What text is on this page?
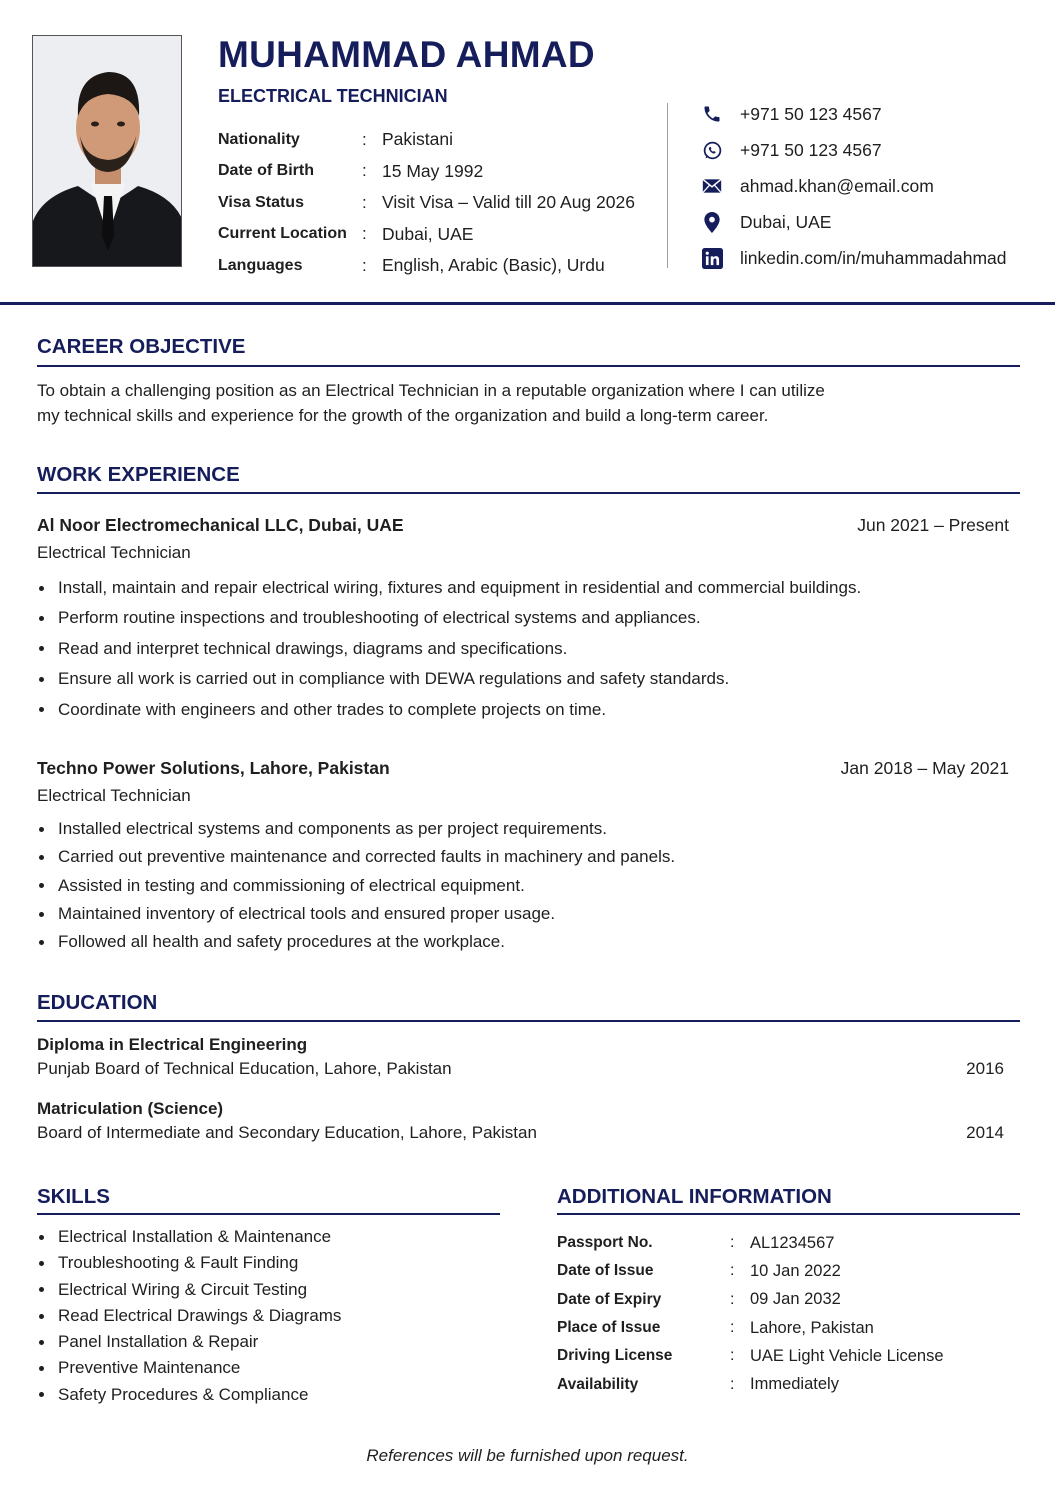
MUHAMMAD AHMAD
ELECTRICAL TECHNICIAN
Nationality	: Pakistani
Date of Birth	: 15 May 1992
Visa Status	: Visit Visa – Valid till 20 Aug 2026
Current Location : Dubai, UAE
Languages	: English, Arabic (Basic), Urdu
+971 50 123 4567
+971 50 123 4567
ahmad.khan@email.com
Dubai, UAE
linkedin.com/in/muhammadahmad
CAREER OBJECTIVE
To obtain a challenging position as an Electrical Technician in a reputable organization where I can utilize
my technical skills and experience for the growth of the organization and build a long-term career.
WORK EXPERIENCE
Al Noor Electromechanical LLC, Dubai, UAE	Jun 2021 – Present
Electrical Technician
Install, maintain and repair electrical wiring, fixtures and equipment in residential and commercial buildings.
Perform routine inspections and troubleshooting of electrical systems and appliances.
Read and interpret technical drawings, diagrams and specifications.
Ensure all work is carried out in compliance with DEWA regulations and safety standards.
Coordinate with engineers and other trades to complete projects on time.
Techno Power Solutions, Lahore, Pakistan	Jan 2018 – May 2021
Electrical Technician
Installed electrical systems and components as per project requirements.
Carried out preventive maintenance and corrected faults in machinery and panels.
Assisted in testing and commissioning of electrical equipment.
Maintained inventory of electrical tools and ensured proper usage.
Followed all health and safety procedures at the workplace.
EDUCATION
Diploma in Electrical Engineering
Punjab Board of Technical Education, Lahore, Pakistan	2016
Matriculation (Science)
Board of Intermediate and Secondary Education, Lahore, Pakistan	2014
SKILLS
Electrical Installation & Maintenance
Troubleshooting & Fault Finding
Electrical Wiring & Circuit Testing
Read Electrical Drawings & Diagrams
Panel Installation & Repair
Preventive Maintenance
Safety Procedures & Compliance
ADDITIONAL INFORMATION
Passport No.	: AL1234567
Date of Issue	: 10 Jan 2022
Date of Expiry	: 09 Jan 2032
Place of Issue	: Lahore, Pakistan
Driving License	: UAE Light Vehicle License
Availability	: Immediately
References will be furnished upon request.
